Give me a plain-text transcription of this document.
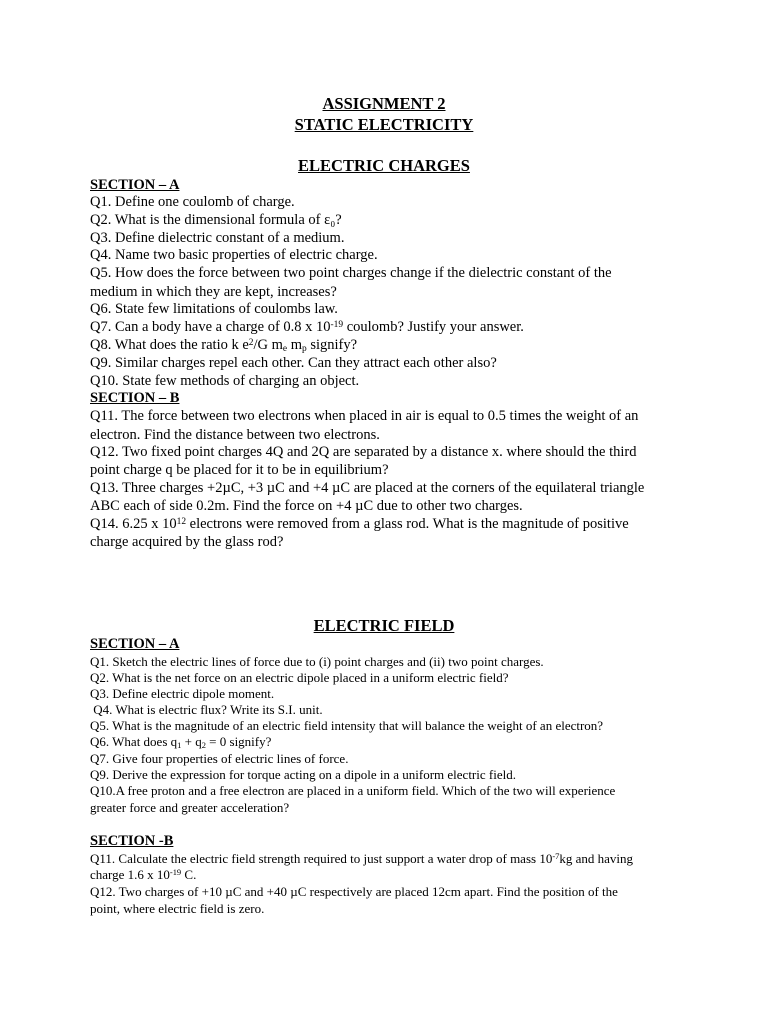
ASSIGNMENT 2
STATIC ELECTRICITY
ELECTRIC CHARGES
SECTION – A
Q1. Define one coulomb of charge.
Q2. What is the dimensional formula of ε₀?
Q3. Define dielectric constant of a medium.
Q4. Name two basic properties of electric charge.
Q5. How does the force between two point charges change if the dielectric constant of the
medium in which they are kept, increases?
Q6. State few limitations of coulombs law.
Q7. Can a body have a charge of 0.8 x $10^{-19}$ coulomb? Justify your answer.
Q8. What does the ratio k $e^2/G$ $m_e$ $m_p$ signify?
Q9. Similar charges repel each other. Can they attract each other also?
Q10. State few methods of charging an object.
SECTION – B
Q11. The force between two electrons when placed in air is equal to 0.5 times the weight of an
electron. Find the distance between two electrons.
Q12. Two fixed point charges 4Q and 2Q are separated by a distance x. where should the third
point charge q be placed for it to be in equilibrium?
Q13. Three charges +2µC, +3 µC and +4 µC are placed at the corners of the equilateral triangle
ABC each of side 0.2m. Find the force on +4 µC due to other two charges.
Q14. 6.25 x $10^{12}$ electrons were removed from a glass rod. What is the magnitude of positive
charge acquired by the glass rod?
ELECTRIC FIELD
SECTION – A
Q1. Sketch the electric lines of force due to (i) point charges and (ii) two point charges.
Q2. What is the net force on an electric dipole placed in a uniform electric field?
Q3. Define electric dipole moment.
Q4. What is electric flux? Write its S.I. unit.
Q5. What is the magnitude of an electric field intensity that will balance the weight of an electron?
Q6. What does $q_1 + q_2 = 0$ signify?
Q7. Give four properties of electric lines of force.
Q9. Derive the expression for torque acting on a dipole in a uniform electric field.
Q10.A free proton and a free electron are placed in a uniform field. Which of the two will experience
greater force and greater acceleration?
SECTION -B
Q11. Calculate the electric field strength required to just support a water drop of mass $10^{-7}kg$ and having
charge 1.6 x $10^{-19}$ C.
Q12. Two charges of +10 µC and +40 µC respectively are placed 12cm apart. Find the position of the
point, where electric field is zero.
